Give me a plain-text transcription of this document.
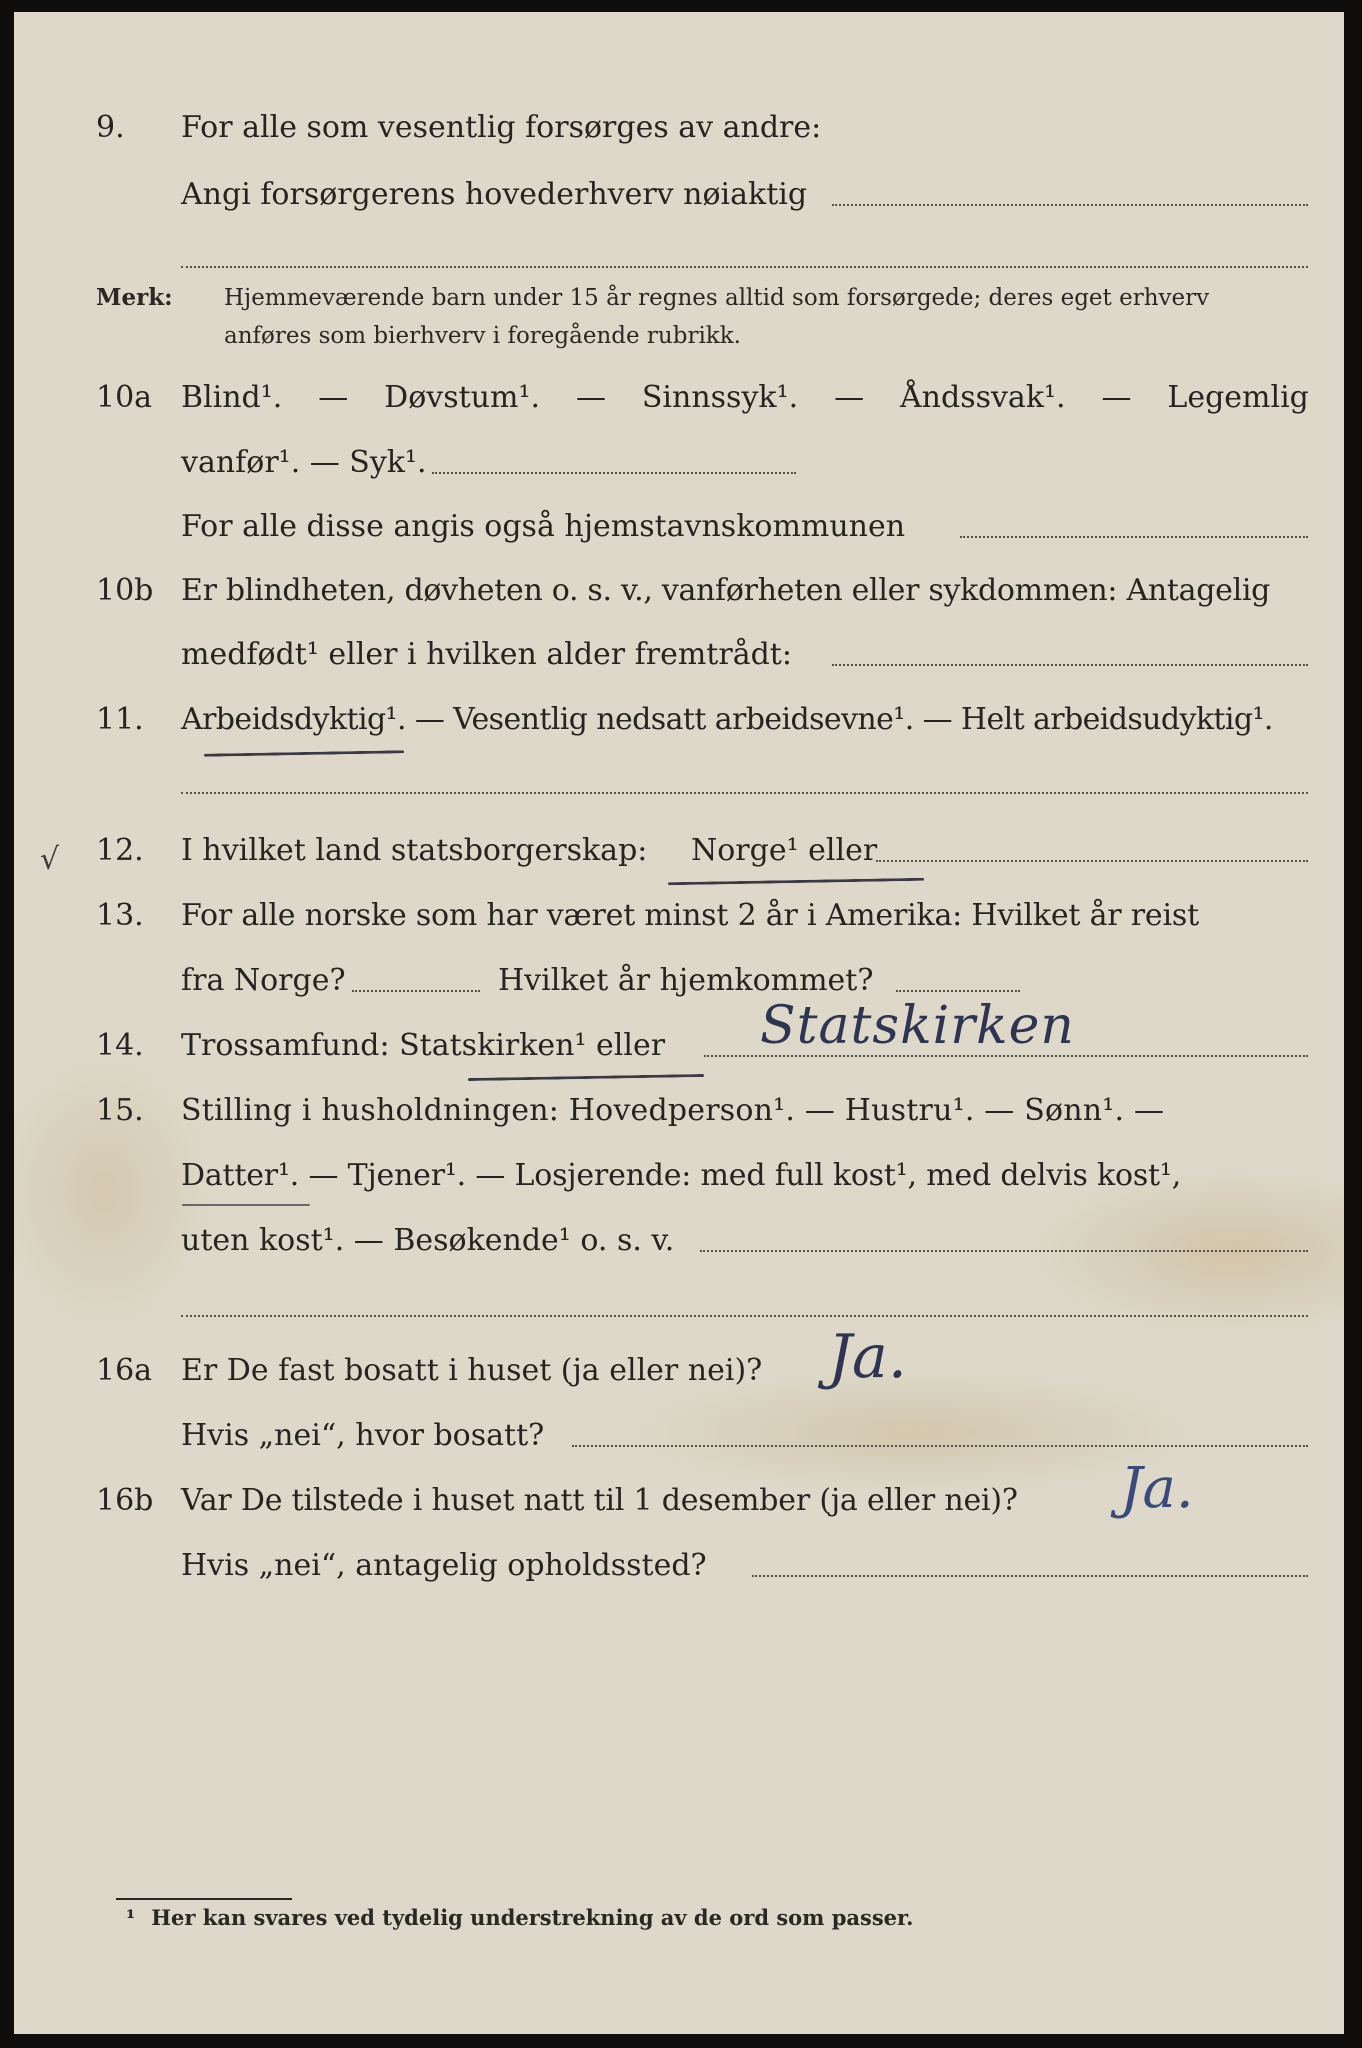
9. For alle som vesentlig forsørges av andre:
Angi forsørgerens hovederhverv nøiaktig
Merk: Hjemmeværende barn under 15 år regnes alltid som forsørgede; deres eget erhverv
anføres som bierhverv i foregående rubrikk.
10a Blind¹. — Døvstum¹. — Sinnssyk¹. — Åndssvak¹. — Legemlig
vanfør¹. — Syk¹.
For alle disse angis også hjemstavnskommunen
10b Er blindheten, døvheten o. s. v., vanførheten eller sykdommen: Antagelig
medfødt¹ eller i hvilken alder fremtrådt:
11. Arbeidsdyktig¹. — Vesentlig nedsatt arbeidsevne¹. — Helt arbeidsudyktig¹.
√ 12. I hvilket land statsborgerskap: Norge¹ eller
13. For alle norske som har været minst 2 år i Amerika: Hvilket år reist
fra Norge?	Hvilket år hjemkommet?
14. Trossamfund: Statskirken¹ eller Statskirken
15. Stilling i husholdningen: Hovedperson¹. — Hustru¹. — Sønn¹. —
Datter¹. — Tjener¹. — Losjerende: med full kost¹, med delvis kost¹,
uten kost¹. — Besøkende¹ o. s. v.
16a Er De fast bosatt i huset (ja eller nei)? Ja.
Hvis „nei“, hvor bosatt?
16b Var De tilstede i huset natt til 1 desember (ja eller nei)? Ja.
Hvis „nei“, antagelig opholdssted?
¹ Her kan svares ved tydelig understrekning av de ord som passer.
